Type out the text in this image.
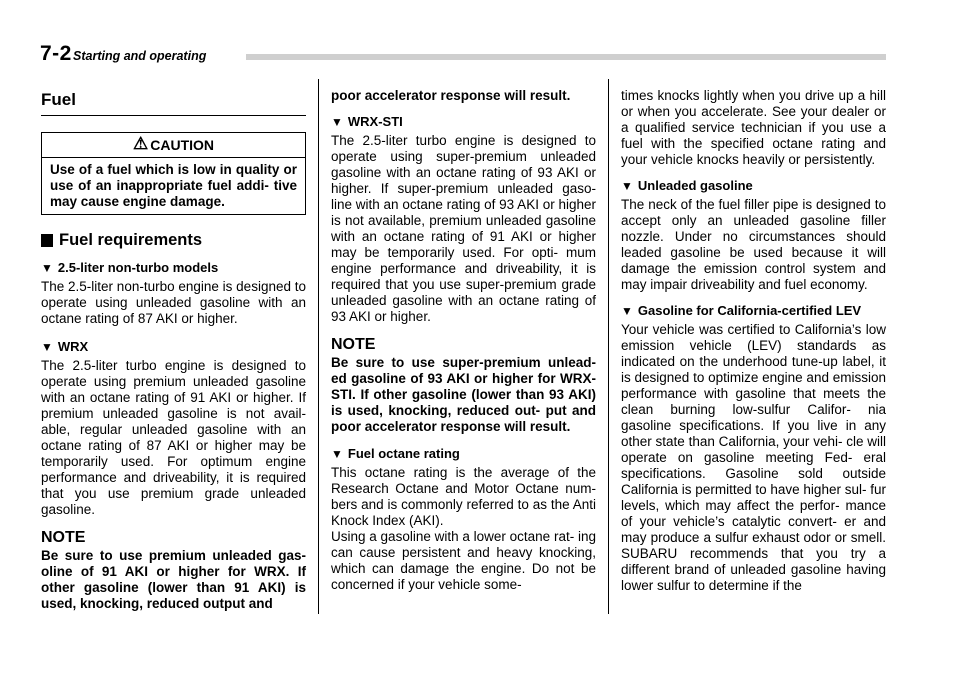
7-2 Starting and operating
Fuel
⚠ CAUTION

Use of a fuel which is low in quality or use of an inappropriate fuel addi- tive may cause engine damage.

Fuel requirements
▼ 2.5-liter non-turbo models

The 2.5-liter non-turbo engine is designed to operate using unleaded gasoline with an octane rating of 87 AKI or higher.

▼ WRX

The 2.5-liter turbo engine is designed to operate using premium unleaded gasoline with an octane rating of 91 AKI or higher. If premium unleaded gasoline is not avail- able, regular unleaded gasoline with an octane rating of 87 AKI or higher may be temporarily used. For optimum engine performance and driveability, it is required that you use premium grade unleaded gasoline.

NOTE

Be sure to use premium unleaded gas- oline of 91 AKI or higher for WRX. If other gasoline (lower than 91 AKI) is used, knocking, reduced output and

poor accelerator response will result.

▼ WRX-STI

The 2.5-liter turbo engine is designed to operate using super-premium unleaded gasoline with an octane rating of 93 AKI or higher. If super-premium unleaded gaso- line with an octane rating of 93 AKI or higher is not available, premium unleaded gasoline with an octane rating of 91 AKI or higher may be temporarily used. For opti- mum engine performance and driveability, it is required that you use super-premium grade unleaded gasoline with an octane rating of 93 AKI or higher.

NOTE

Be sure to use super-premium unlead- ed gasoline of 93 AKI or higher for WRX-STI. If other gasoline (lower than 93 AKI) is used, knocking, reduced out- put and poor accelerator response will result.

▼ Fuel octane rating

This octane rating is the average of the Research Octane and Motor Octane num- bers and is commonly referred to as the Anti Knock Index (AKI).

Using a gasoline with a lower octane rat- ing can cause persistent and heavy knocking, which can damage the engine. Do not be concerned if your vehicle some-

times knocks lightly when you drive up a hill or when you accelerate. See your dealer or a qualified service technician if you use a fuel with the specified octane rating and your vehicle knocks heavily or persistently.

▼ Unleaded gasoline

The neck of the fuel filler pipe is designed to accept only an unleaded gasoline filler nozzle. Under no circumstances should leaded gasoline be used because it will damage the emission control system and may impair driveability and fuel economy.

▼ Gasoline for California-certified LEV

Your vehicle was certified to California’s low emission vehicle (LEV) standards as indicated on the underhood tune-up label, it is designed to optimize engine and emission performance with gasoline that meets the clean burning low-sulfur Califor- nia gasoline specifications. If you live in any other state than California, your vehi- cle will operate on gasoline meeting Fed- eral specifications. Gasoline sold outside California is permitted to have higher sul- fur levels, which may affect the perfor- mance of your vehicle’s catalytic convert- er and may produce a sulfur exhaust odor or smell. SUBARU recommends that you try a different brand of unleaded gasoline having lower sulfur to determine if the
